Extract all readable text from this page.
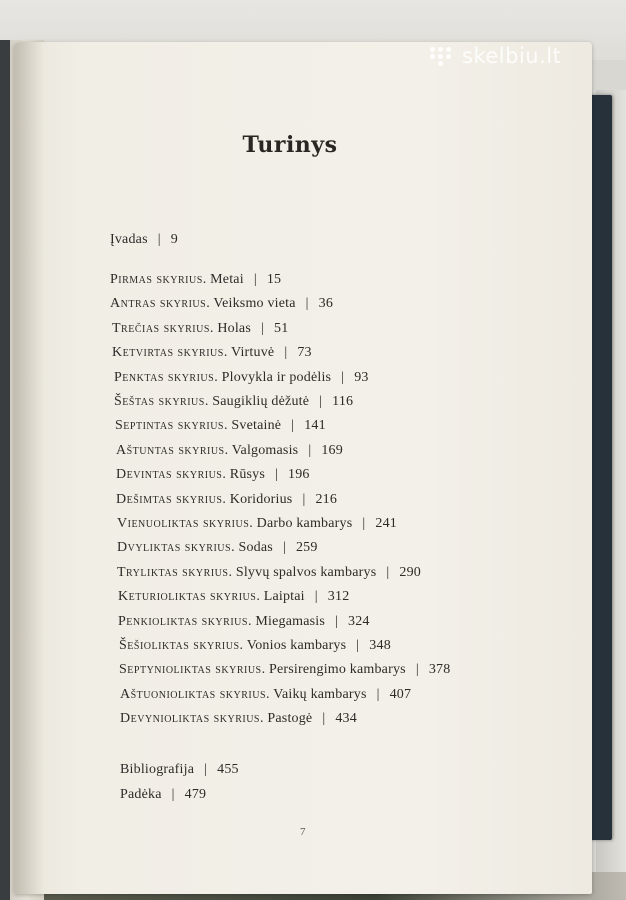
skelbiu.lt
Turinys
Įvadas | 9
Pirmas skyrius. Metai | 15
Antras skyrius. Veiksmo vieta | 36
Trečias skyrius. Holas | 51
Ketvirtas skyrius. Virtuvė | 73
Penktas skyrius. Plovykla ir podėlis | 93
Šeštas skyrius. Saugiklių dėžutė | 116
Septintas skyrius. Svetainė | 141
Aštuntas skyrius. Valgomasis | 169
Devintas skyrius. Rūsys | 196
Dešimtas skyrius. Koridorius | 216
Vienuoliktas skyrius. Darbo kambarys | 241
Dvyliktas skyrius. Sodas | 259
Tryliktas skyrius. Slyvų spalvos kambarys | 290
Keturioliktas skyrius. Laiptai | 312
Penkioliktas skyrius. Miegamasis | 324
Šešioliktas skyrius. Vonios kambarys | 348
Septynioliktas skyrius. Persirengimo kambarys | 378
Aštuonioliktas skyrius. Vaikų kambarys | 407
Devynioliktas skyrius. Pastogė | 434
Bibliografija | 455
Padėka | 479
7
